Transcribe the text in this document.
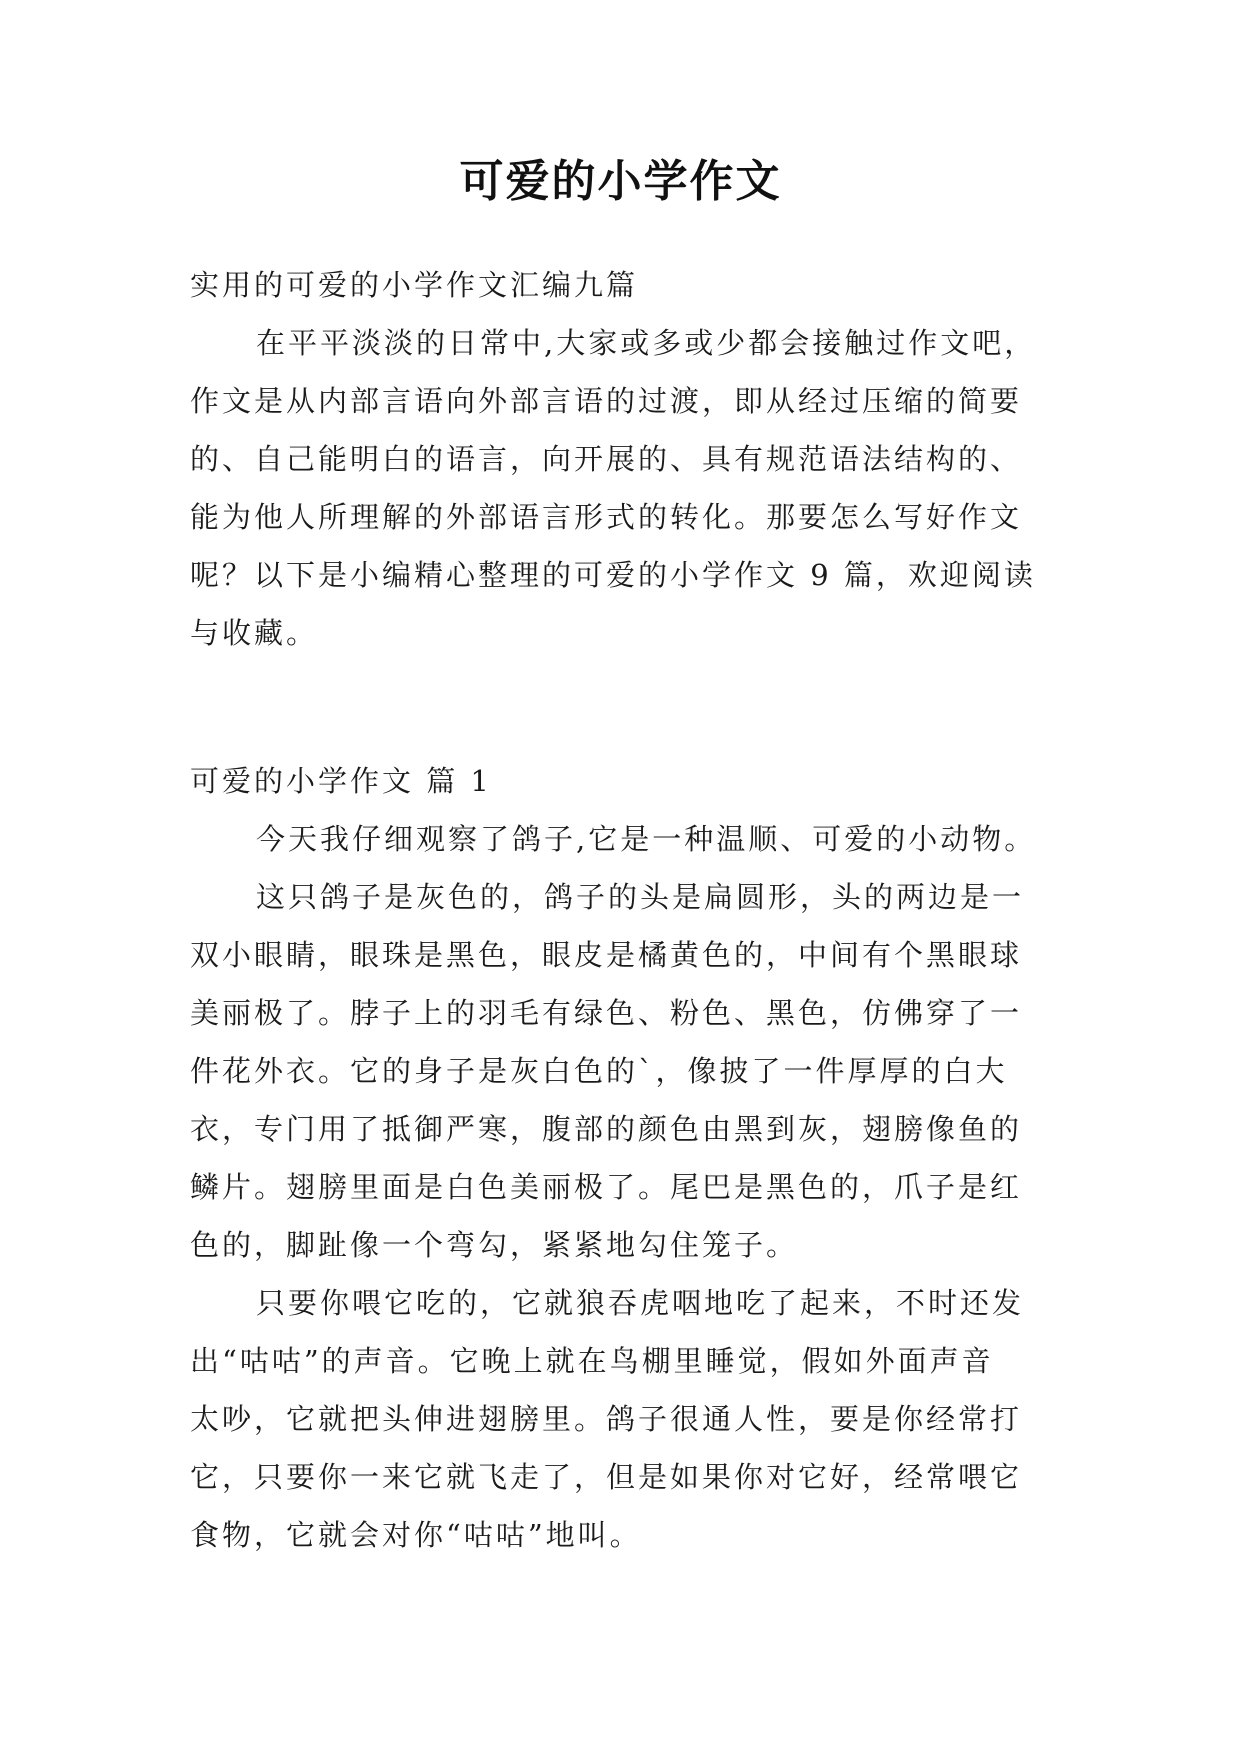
可爱的小学作文

实用的可爱的小学作文汇编九篇

在平平淡淡的日常中,大家或多或少都会接触过作文吧，

作文是从内部言语向外部言语的过渡，即从经过压缩的简要

的、自己能明白的语言，向开展的、具有规范语法结构的、

能为他人所理解的外部语言形式的转化。那要怎么写好作文

呢？以下是小编精心整理的可爱的小学作文 9 篇，欢迎阅读

与收藏。

可爱的小学作文 篇 1

今天我仔细观察了鸽子,它是一种温顺、可爱的小动物。

这只鸽子是灰色的，鸽子的头是扁圆形，头的两边是一

双小眼睛，眼珠是黑色，眼皮是橘黄色的，中间有个黑眼球

美丽极了。脖子上的羽毛有绿色、粉色、黑色，仿佛穿了一

件花外衣。它的身子是灰白色的`，像披了一件厚厚的白大

衣，专门用了抵御严寒，腹部的颜色由黑到灰，翅膀像鱼的

鳞片。翅膀里面是白色美丽极了。尾巴是黑色的，爪子是红

色的，脚趾像一个弯勾，紧紧地勾住笼子。

只要你喂它吃的，它就狼吞虎咽地吃了起来，不时还发

出“咕咕”的声音。它晚上就在鸟棚里睡觉，假如外面声音

太吵，它就把头伸进翅膀里。鸽子很通人性，要是你经常打

它，只要你一来它就飞走了，但是如果你对它好，经常喂它

食物，它就会对你“咕咕”地叫。
